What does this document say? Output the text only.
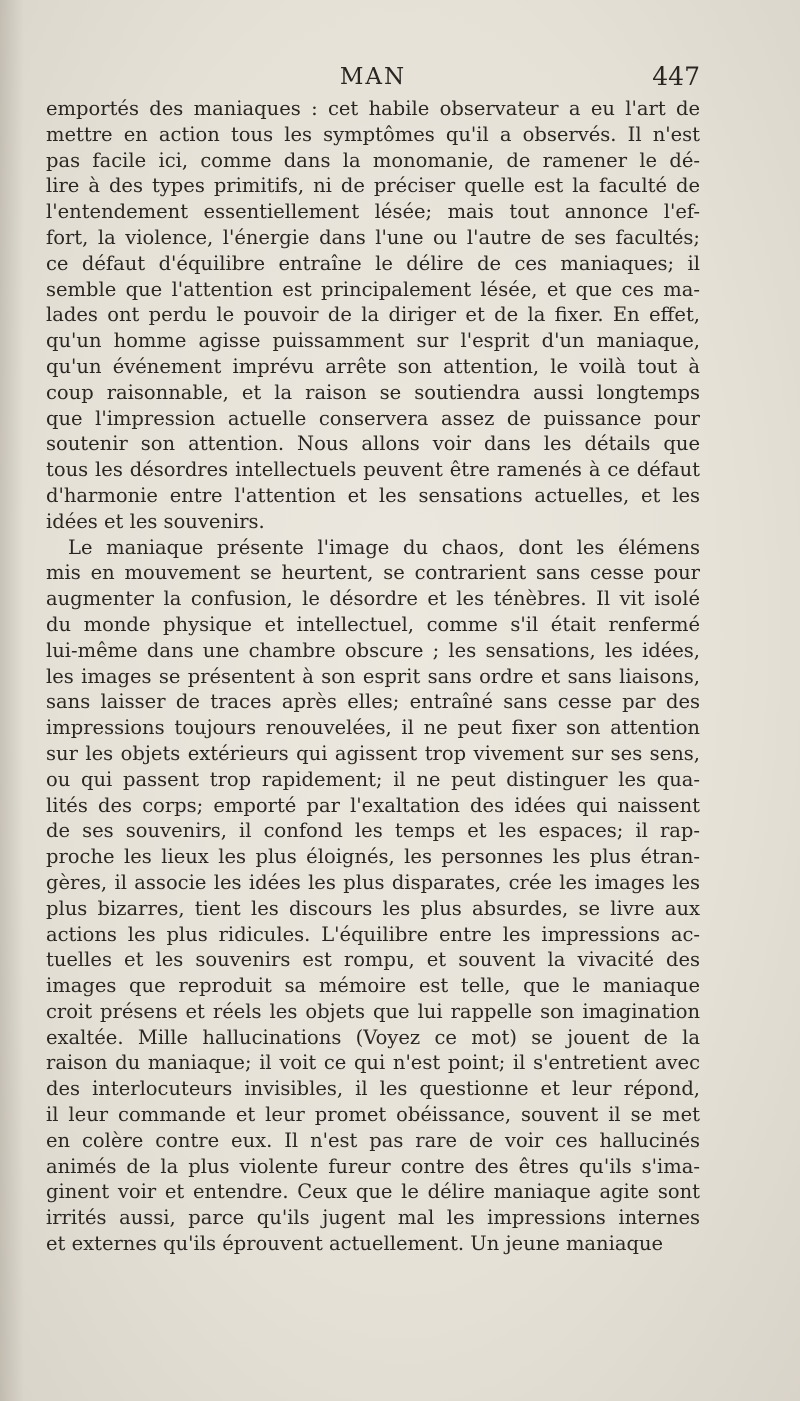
MAN	447
emportés des maniaques : cet habile observateur a eu l'art de
mettre en action tous les symptômes qu'il a observés. Il n'est
pas facile ici, comme dans la monomanie, de ramener le dé-
lire à des types primitifs, ni de préciser quelle est la faculté de
l'entendement essentiellement lésée; mais tout annonce l'ef-
fort, la violence, l'énergie dans l'une ou l'autre de ses facultés;
ce défaut d'équilibre entraîne le délire de ces maniaques; il
semble que l'attention est principalement lésée, et que ces ma-
lades ont perdu le pouvoir de la diriger et de la fixer. En effet,
qu'un homme agisse puissamment sur l'esprit d'un maniaque,
qu'un événement imprévu arrête son attention, le voilà tout à
coup raisonnable, et la raison se soutiendra aussi longtemps
que l'impression actuelle conservera assez de puissance pour
soutenir son attention. Nous allons voir dans les détails que
tous les désordres intellectuels peuvent être ramenés à ce défaut
d'harmonie entre l'attention et les sensations actuelles, et les
idées et les souvenirs.
Le maniaque présente l'image du chaos, dont les élémens
mis en mouvement se heurtent, se contrarient sans cesse pour
augmenter la confusion, le désordre et les ténèbres. Il vit isolé
du monde physique et intellectuel, comme s'il était renfermé
lui-même dans une chambre obscure ; les sensations, les idées,
les images se présentent à son esprit sans ordre et sans liaisons,
sans laisser de traces après elles; entraîné sans cesse par des
impressions toujours renouvelées, il ne peut fixer son attention
sur les objets extérieurs qui agissent trop vivement sur ses sens,
ou qui passent trop rapidement; il ne peut distinguer les qua-
lités des corps; emporté par l'exaltation des idées qui naissent
de ses souvenirs, il confond les temps et les espaces; il rap-
proche les lieux les plus éloignés, les personnes les plus étran-
gères, il associe les idées les plus disparates, crée les images les
plus bizarres, tient les discours les plus absurdes, se livre aux
actions les plus ridicules. L'équilibre entre les impressions ac-
tuelles et les souvenirs est rompu, et souvent la vivacité des
images que reproduit sa mémoire est telle, que le maniaque
croit présens et réels les objets que lui rappelle son imagination
exaltée. Mille hallucinations (Voyez ce mot) se jouent de la
raison du maniaque; il voit ce qui n'est point; il s'entretient avec
des interlocuteurs invisibles, il les questionne et leur répond,
il leur commande et leur promet obéissance, souvent il se met
en colère contre eux. Il n'est pas rare de voir ces hallucinés
animés de la plus violente fureur contre des êtres qu'ils s'ima-
ginent voir et entendre. Ceux que le délire maniaque agite sont
irrités aussi, parce qu'ils jugent mal les impressions internes
et externes qu'ils éprouvent actuellement. Un jeune maniaque
